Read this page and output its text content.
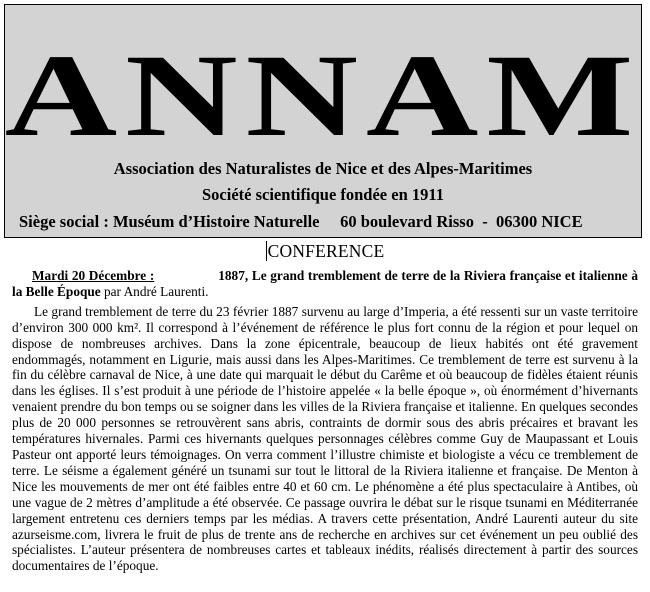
ANNAM
Association des Naturalistes de Nice et des Alpes-Maritimes
Société scientifique fondée en 1911
Siège social : Muséum d’Histoire Naturelle     60 boulevard Risso  -  06300 NICE
CONFERENCE

Mardi 20 Décembre :	1887, Le grand tremblement de terre de la Riviera française et italienne à la Belle Époque par André Laurenti.

Le grand tremblement de terre du 23 février 1887 survenu au large d’Imperia, a été ressenti sur un vaste territoire d’environ 300 000 km². Il correspond à l’événement de référence le plus fort connu de la région et pour lequel on dispose de nombreuses archives. Dans la zone épicentrale, beaucoup de lieux habités ont été gravement endommagés, notamment en Ligurie, mais aussi dans les Alpes-Maritimes. Ce tremblement de terre est survenu à la fin du célèbre carnaval de Nice, à une date qui marquait le début du Carême et où beaucoup de fidèles étaient réunis dans les églises. Il s’est produit à une période de l’histoire appelée « la belle époque », où énormément d’hivernants venaient prendre du bon temps ou se soigner dans les villes de la Riviera française et italienne. En quelques secondes plus de 20 000 personnes se retrouvèrent sans abris, contraints de dormir sous des abris précaires et bravant les températures hivernales. Parmi ces hivernants quelques personnages célèbres comme Guy de Maupassant et Louis Pasteur ont apporté leurs témoignages. On verra comment l’illustre chimiste et biologiste a vécu ce tremblement de terre. Le séisme a également généré un tsunami sur tout le littoral de la Riviera italienne et française. De Menton à Nice les mouvements de mer ont été faibles entre 40 et 60 cm. Le phénomène a été plus spectaculaire à Antibes, où une vague de 2 mètres d’amplitude a été observée. Ce passage ouvrira le débat sur le risque tsunami en Méditerranée largement entretenu ces derniers temps par les médias. A travers cette présentation, André Laurenti auteur du site azurseisme.com, livrera le fruit de plus de trente ans de recherche en archives sur cet événement un peu oublié des spécialistes. L’auteur présentera de nombreuses cartes et tableaux inédits, réalisés directement à partir des sources documentaires de l’époque.
